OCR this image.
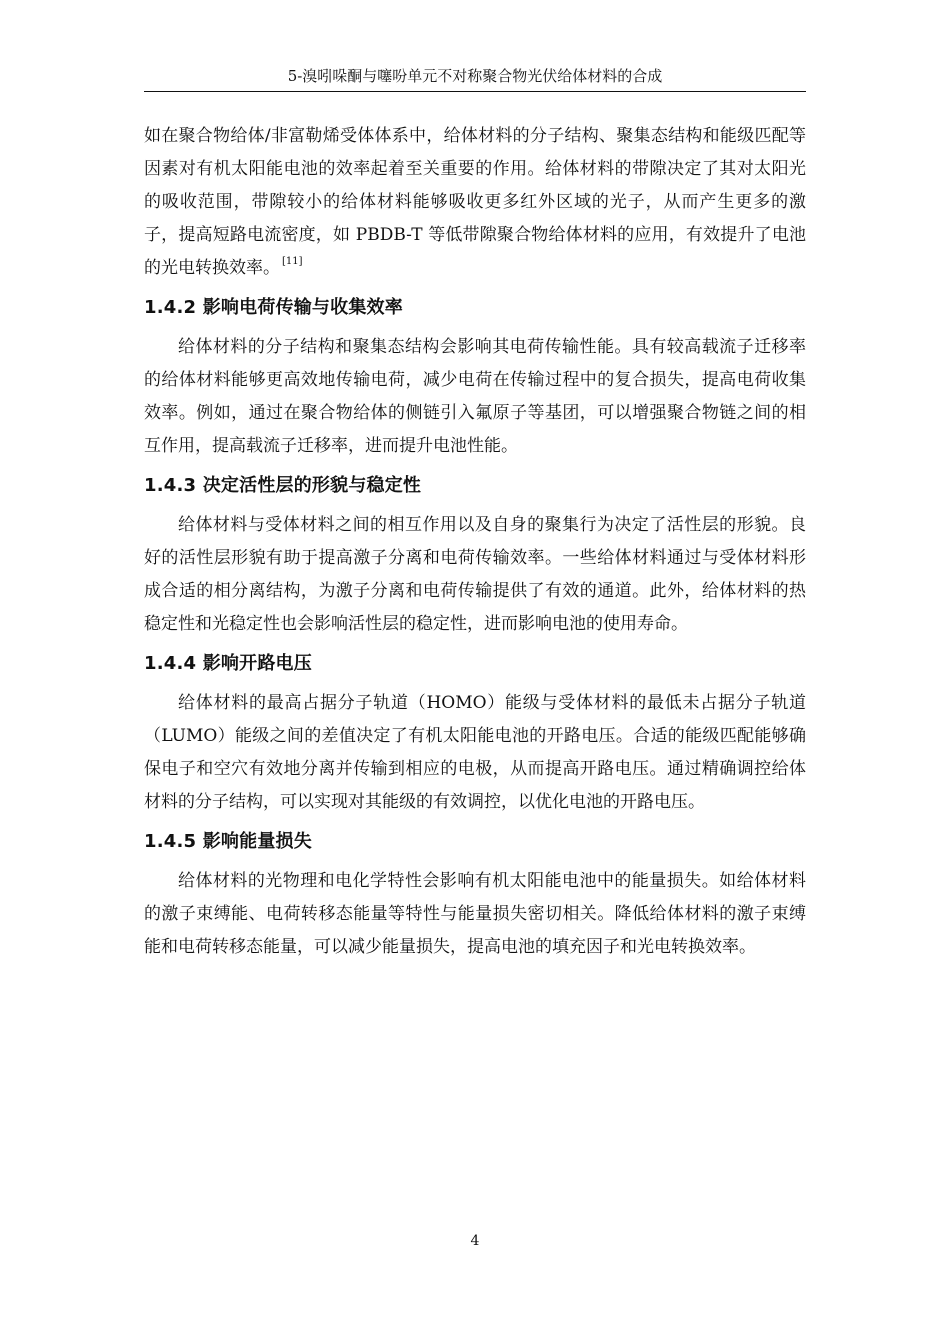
5-溴吲哚酮与噻吩单元不对称聚合物光伏给体材料的合成

如在聚合物给体/非富勒烯受体体系中，给体材料的分子结构、聚集态结构和能级匹配等因素对有机太阳能电池的效率起着至关重要的作用。给体材料的带隙决定了其对太阳光的吸收范围，带隙较小的给体材料能够吸收更多红外区域的光子，从而产生更多的激子，提高短路电流密度，如 PBDB-T 等低带隙聚合物给体材料的应用，有效提升了电池的光电转换效率。 [11]

1.4.2 影响电荷传输与收集效率

给体材料的分子结构和聚集态结构会影响其电荷传输性能。具有较高载流子迁移率的给体材料能够更高效地传输电荷，减少电荷在传输过程中的复合损失，提高电荷收集效率。例如，通过在聚合物给体的侧链引入氟原子等基团，可以增强聚合物链之间的相互作用，提高载流子迁移率，进而提升电池性能。

1.4.3 决定活性层的形貌与稳定性

给体材料与受体材料之间的相互作用以及自身的聚集行为决定了活性层的形貌。良好的活性层形貌有助于提高激子分离和电荷传输效率。一些给体材料通过与受体材料形成合适的相分离结构，为激子分离和电荷传输提供了有效的通道。此外，给体材料的热稳定性和光稳定性也会影响活性层的稳定性，进而影响电池的使用寿命。

1.4.4 影响开路电压

给体材料的最高占据分子轨道（HOMO）能级与受体材料的最低未占据分子轨道（LUMO）能级之间的差值决定了有机太阳能电池的开路电压。合适的能级匹配能够确保电子和空穴有效地分离并传输到相应的电极，从而提高开路电压。通过精确调控给体材料的分子结构，可以实现对其能级的有效调控，以优化电池的开路电压。

1.4.5 影响能量损失

给体材料的光物理和电化学特性会影响有机太阳能电池中的能量损失。如给体材料的激子束缚能、电荷转移态能量等特性与能量损失密切相关。降低给体材料的激子束缚能和电荷转移态能量，可以减少能量损失，提高电池的填充因子和光电转换效率。

4
